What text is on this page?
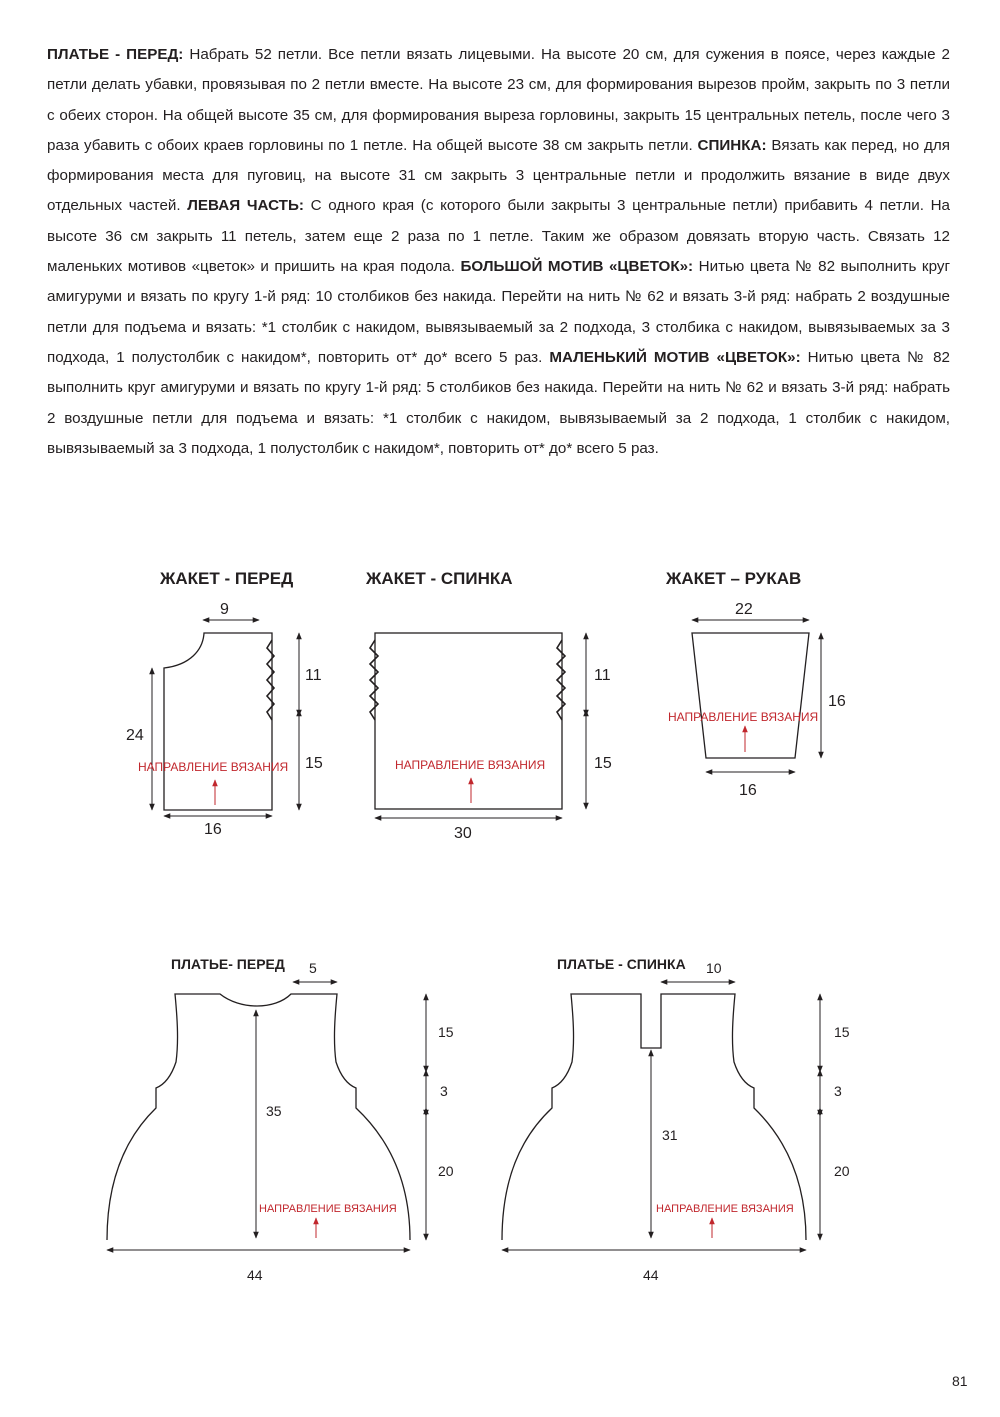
ПЛАТЬЕ - ПЕРЕД: Набрать 52 петли. Все петли вязать лицевыми. На высоте 20 см, для сужения в поясе, через каждые 2 петли делать убавки, провязывая по 2 петли вместе. На высоте 23 см, для формирования вырезов пройм, закрыть по 3 петли с обеих сторон. На общей высоте 35 см, для формирования выреза горловины, закрыть 15 центральных петель, после чего 3 раза убавить с обоих краев горловины по 1 петле. На общей высоте 38 см закрыть петли. СПИНКА: Вязать как перед, но для формирования места для пуговиц, на высоте 31 см закрыть 3 центральные петли и продолжить вязание в виде двух отдельных частей. ЛЕВАЯ ЧАСТЬ: С одного края (с которого были закрыты 3 центральные петли) прибавить 4 петли. На высоте 36 см закрыть 11 петель, затем еще 2 раза по 1 петле. Таким же образом довязать вторую часть. Связать 12 маленьких мотивов «цветок» и пришить на края подола. БОЛЬШОЙ МОТИВ «ЦВЕТОК»: Нитью цвета № 82 выполнить круг амигуруми и вязать по кругу 1-й ряд: 10 столбиков без накида. Перейти на нить № 62 и вязать 3-й ряд: набрать 2 воздушные петли для подъема и вязать: *1 столбик с накидом, вывязываемый за 2 подхода, 3 столбика с накидом, вывязываемых за 3 подхода, 1 полустолбик с накидом*, повторить от* до* всего 5 раз. МАЛЕНЬКИЙ МОТИВ «ЦВЕТОК»: Нитью цвета № 82 выполнить круг амигуруми и вязать по кругу 1-й ряд: 5 столбиков без накида. Перейти на нить № 62 и вязать 3-й ряд: набрать 2 воздушные петли для подъема и вязать: *1 столбик с накидом, вывязываемый за 2 подхода, 1 столбик с накидом, вывязываемый за 3 подхода, 1 полустолбик с накидом*, повторить от* до* всего 5 раз.

ЖАКЕТ - ПЕРЕД
9
24
11
15
16
НАПРАВЛЕНИЕ ВЯЗАНИЯ
ЖАКЕТ - СПИНКА
11
15
30
НАПРАВЛЕНИЕ ВЯЗАНИЯ
ЖАКЕТ – РУКАВ
22
16
16
НАПРАВЛЕНИЕ ВЯЗАНИЯ
ПЛАТЬЕ- ПЕРЕД 5
35
15
3
20
44
НАПРАВЛЕНИЕ ВЯЗАНИЯ
ПЛАТЬЕ - СПИНКА 10
31
15
3
20
44
НАПРАВЛЕНИЕ ВЯЗАНИЯ
81
